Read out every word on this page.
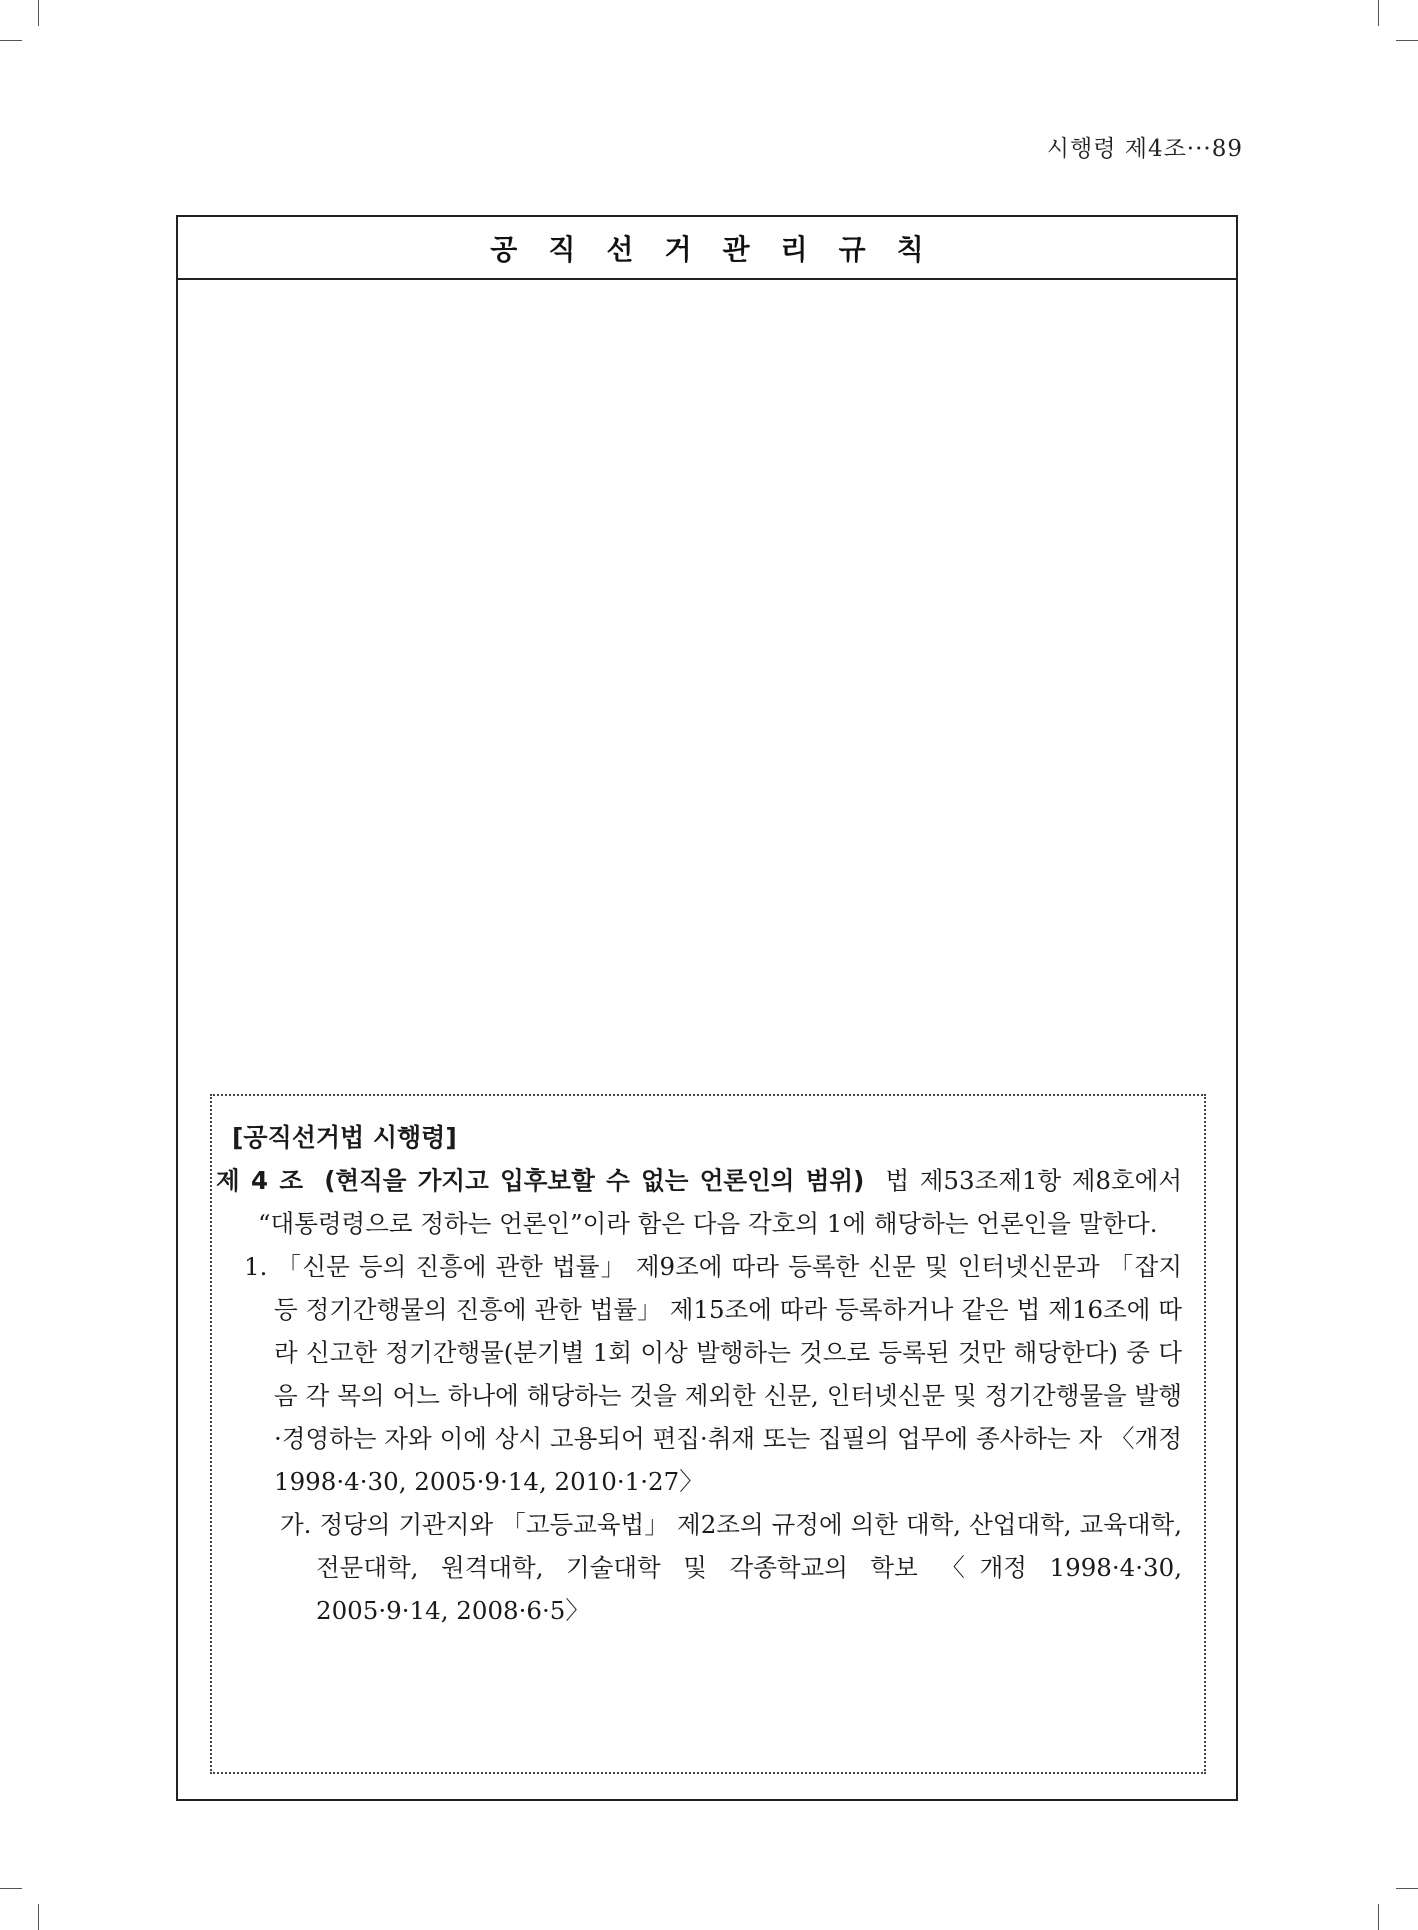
시행령 제4조···89
공직선거관리규칙
[공직선거법 시행령]
제 4 조 (현직을 가지고 입후보할 수 없는 언론인의 범위) 법 제53조제1항 제8호에서 “대통령령으로 정하는 언론인”이라 함은 다음 각호의 1에 해당하는 언론인을 말한다.
1. 「신문 등의 진흥에 관한 법률」 제9조에 따라 등록한 신문 및 인터넷신문과 「잡지 등 정기간행물의 진흥에 관한 법률」 제15조에 따라 등록하거나 같은 법 제16조에 따라 신고한 정기간행물(분기별 1회 이상 발행하는 것으로 등록된 것만 해당한다) 중 다음 각 목의 어느 하나에 해당하는 것을 제외한 신문, 인터넷신문 및 정기간행물을 발행·경영하는 자와 이에 상시 고용되어 편집·취재 또는 집필의 업무에 종사하는 자 〈개정 1998·4·30, 2005·9·14, 2010·1·27〉
가. 정당의 기관지와 「고등교육법」 제2조의 규정에 의한 대학, 산업대학, 교육대학, 전문대학, 원격대학, 기술대학 및 각종학교의 학보 〈개정 1998·4·30, 2005·9·14, 2008·6·5〉
